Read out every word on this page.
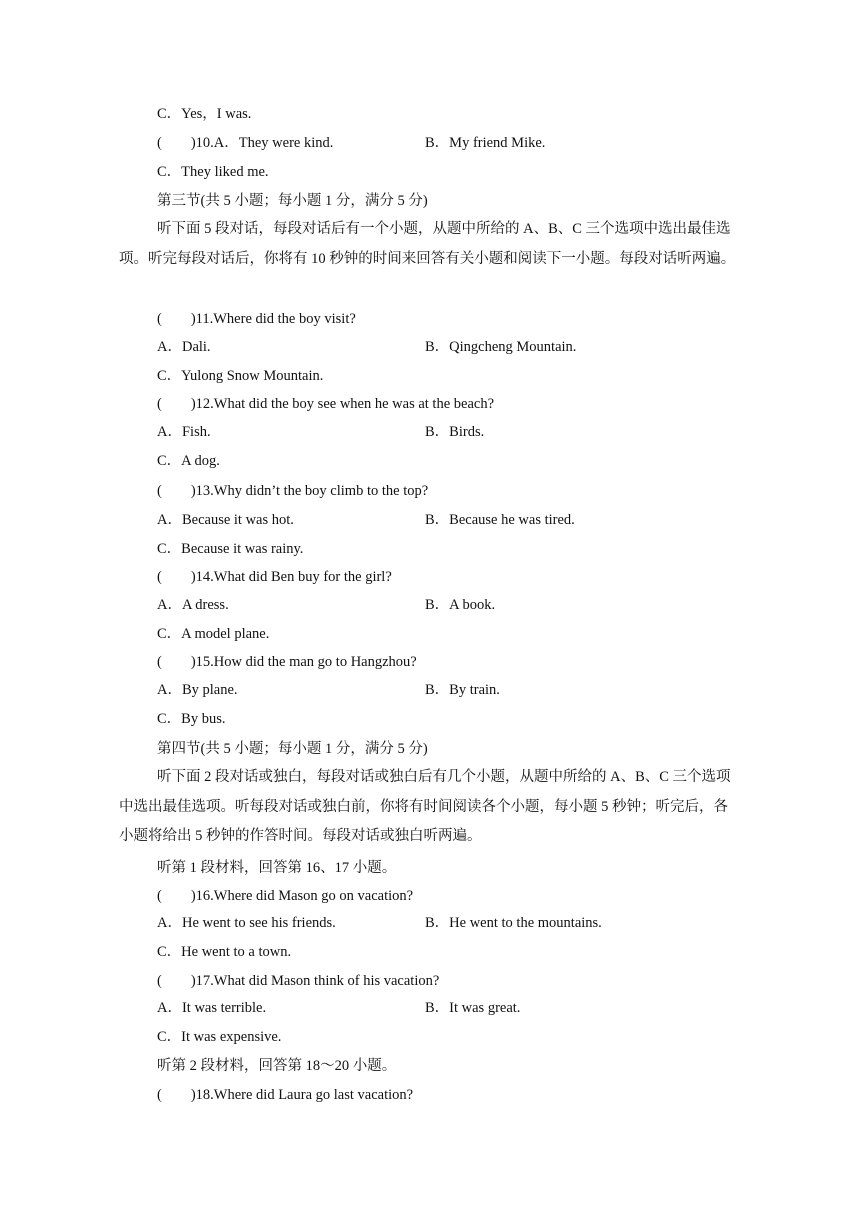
C．Yes，I was.
(　　)10.A．They were kind.	B．My friend Mike.
C．They liked me.
第三节(共 5 小题；每小题 1 分，满分 5 分)
听下面 5 段对话，每段对话后有一个小题，从题中所给的 A、B、C 三个选项中选出最佳选项。听完每段对话后，你将有 10 秒钟的时间来回答有关小题和阅读下一小题。每段对话听两遍。
(　　)11.Where did the boy visit?
A．Dali.	B．Qingcheng Mountain.
C．Yulong Snow Mountain.
(　　)12.What did the boy see when he was at the beach?
A．Fish.	B．Birds.
C．A dog.
(　　)13.Why didn’t the boy climb to the top?
A．Because it was hot.	B．Because he was tired.
C．Because it was rainy.
(　　)14.What did Ben buy for the girl?
A．A dress.	B．A book.
C．A model plane.
(　　)15.How did the man go to Hangzhou?
A．By plane.	B．By train.
C．By bus.
第四节(共 5 小题；每小题 1 分，满分 5 分)
听下面 2 段对话或独白，每段对话或独白后有几个小题，从题中所给的 A、B、C 三个选项中选出最佳选项。听每段对话或独白前，你将有时间阅读各个小题，每小题 5 秒钟；听完后，各小题将给出 5 秒钟的作答时间。每段对话或独白听两遍。
听第 1 段材料，回答第 16、17 小题。
(　　)16.Where did Mason go on vacation?
A．He went to see his friends.	B．He went to the mountains.
C．He went to a town.
(　　)17.What did Mason think of his vacation?
A．It was terrible.	B．It was great.
C．It was expensive.
听第 2 段材料，回答第 18～20 小题。
(　　)18.Where did Laura go last vacation?
